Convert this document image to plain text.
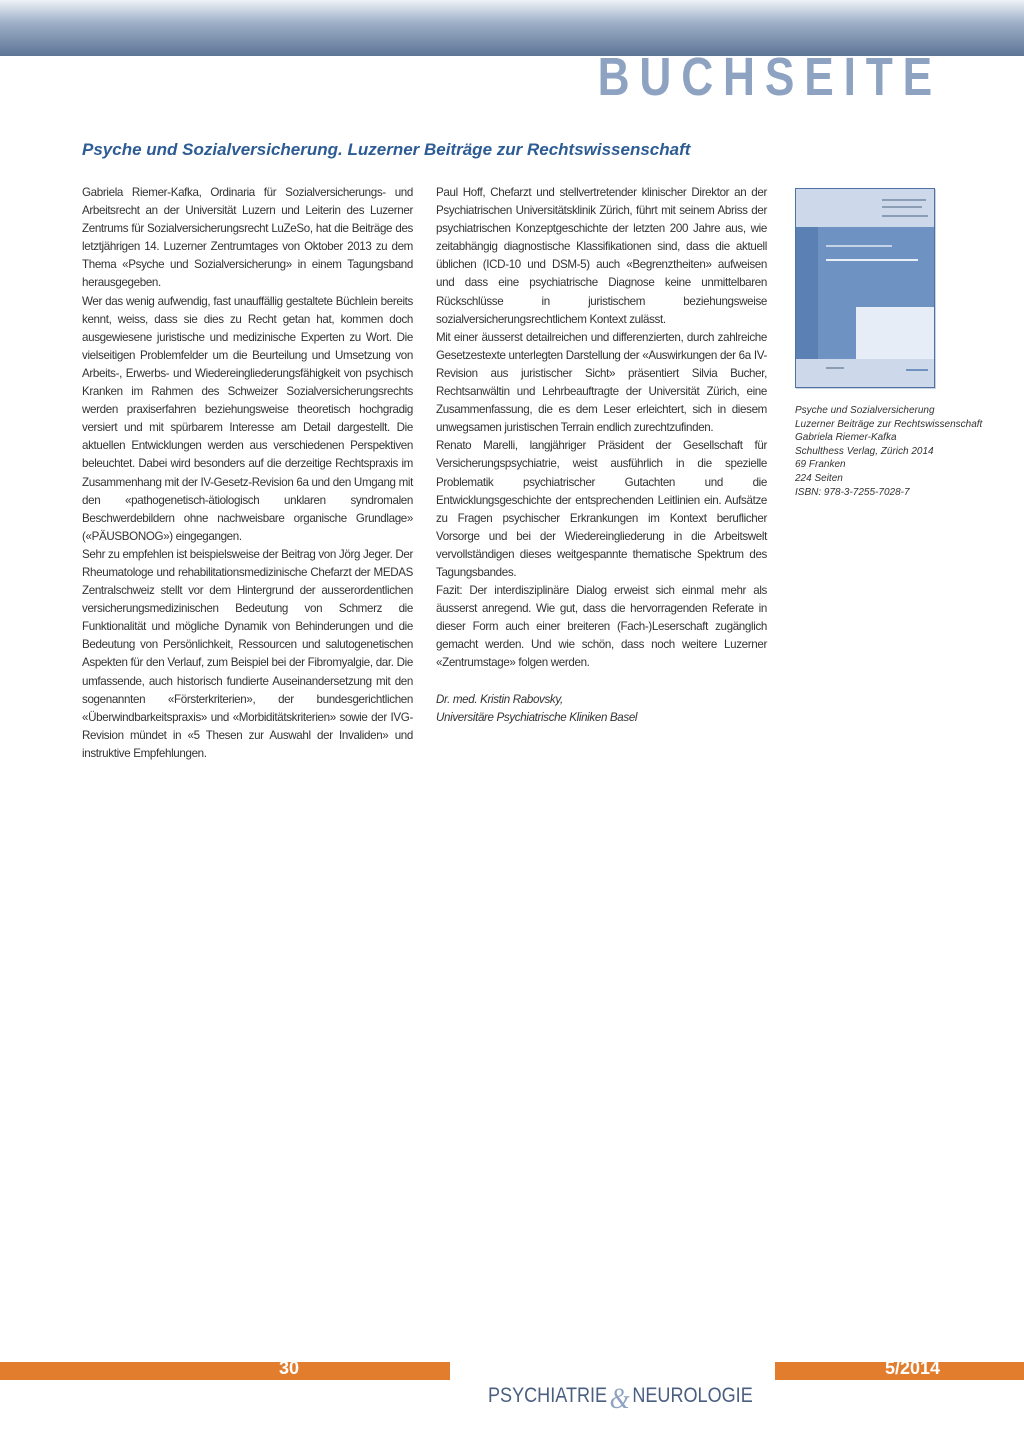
BUCHSEITE
Psyche und Sozialversicherung. Luzerner Beiträge zur Rechtswissenschaft

Gabriela Riemer-Kafka, Ordinaria für Sozialversicherungs- und Arbeitsrecht an der Universität Luzern und Leiterin des Luzerner Zentrums für Sozialversicherungsrecht LuZeSo, hat die Beiträge des letztjährigen 14. Luzerner Zentrumtages von Oktober 2013 zu dem Thema «Psyche und Sozialversicherung» in einem Tagungsband herausgegeben.

Wer das wenig aufwendig, fast unauffällig gestaltete Büchlein bereits kennt, weiss, dass sie dies zu Recht getan hat, kommen doch ausgewiesene juristische und medizinische Experten zu Wort. Die vielseitigen Problemfelder um die Beurteilung und Umsetzung von Arbeits-, Erwerbs- und Wiedereingliederungsfähigkeit von psychisch Kranken im Rahmen des Schweizer Sozialversicherungsrechts werden praxiserfahren beziehungsweise theoretisch hochgradig versiert und mit spürbarem Interesse am Detail dargestellt. Die aktuellen Entwicklungen werden aus verschiedenen Perspektiven beleuchtet. Dabei wird besonders auf die derzeitige Rechtspraxis im Zusammenhang mit der IV-Gesetz-Revision 6a und den Umgang mit den «pathogenetisch-ätiologisch unklaren syndromalen Beschwerdebildern ohne nachweisbare organische Grundlage» («PÄUSBONOG») eingegangen.

Sehr zu empfehlen ist beispielsweise der Beitrag von Jörg Jeger. Der Rheumatologe und rehabilitationsmedizinische Chefarzt der MEDAS Zentralschweiz stellt vor dem Hintergrund der ausserordentlichen versicherungsmedizinischen Bedeutung von Schmerz die Funktionalität und mögliche Dynamik von Behinderungen und die Bedeutung von Persönlichkeit, Ressourcen und salutogenetischen Aspekten für den Verlauf, zum Beispiel bei der Fibromyalgie, dar. Die umfassende, auch historisch fundierte Auseinandersetzung mit den sogenannten «Försterkriterien», der bundesgerichtlichen «Überwindbarkeitspraxis» und «Morbiditätskriterien» sowie der IVG-Revision mündet in «5 Thesen zur Auswahl der Invaliden» und instruktive Empfehlungen.

Paul Hoff, Chefarzt und stellvertretender klinischer Direktor an der Psychiatrischen Universitätsklinik Zürich, führt mit seinem Abriss der psychiatrischen Konzeptgeschichte der letzten 200 Jahre aus, wie zeitabhängig diagnostische Klassifikationen sind, dass die aktuell üblichen (ICD-10 und DSM-5) auch «Begrenztheiten» aufweisen und dass eine psychiatrische Diagnose keine unmittelbaren Rückschlüsse in juristischem beziehungsweise sozialversicherungsrechtlichem Kontext zulässt.

Mit einer äusserst detailreichen und differenzierten, durch zahlreiche Gesetzestexte unterlegten Darstellung der «Auswirkungen der 6a IV-Revision aus juristischer Sicht» präsentiert Silvia Bucher, Rechtsanwältin und Lehrbeauftragte der Universität Zürich, eine Zusammenfassung, die es dem Leser erleichtert, sich in diesem unwegsamen juristischen Terrain endlich zurechtzufinden.

Renato Marelli, langjähriger Präsident der Gesellschaft für Versicherungspsychiatrie, weist ausführlich in die spezielle Problematik psychiatrischer Gutachten und die Entwicklungsgeschichte der entsprechenden Leitlinien ein. Aufsätze zu Fragen psychischer Erkrankungen im Kontext beruflicher Vorsorge und bei der Wiedereingliederung in die Arbeitswelt vervollständigen dieses weitgespannte thematische Spektrum des Tagungsbandes.

Fazit: Der interdisziplinäre Dialog erweist sich einmal mehr als äusserst anregend. Wie gut, dass die hervorragenden Referate in dieser Form auch einer breiteren (Fach-)Leserschaft zugänglich gemacht werden. Und wie schön, dass noch weitere Luzerner «Zentrumstage» folgen werden.

Dr. med. Kristin Rabovsky,
Universitäre Psychiatrische Kliniken Basel

Psyche und Sozialversicherung
Luzerner Beiträge zur Rechtswissenschaft
Gabriela Riemer-Kafka
Schulthess Verlag, Zürich 2014
69 Franken
224 Seiten
ISBN: 978-3-7255-7028-7
30	5/2014
PSYCHIATRIE& NEUROLOGIE
